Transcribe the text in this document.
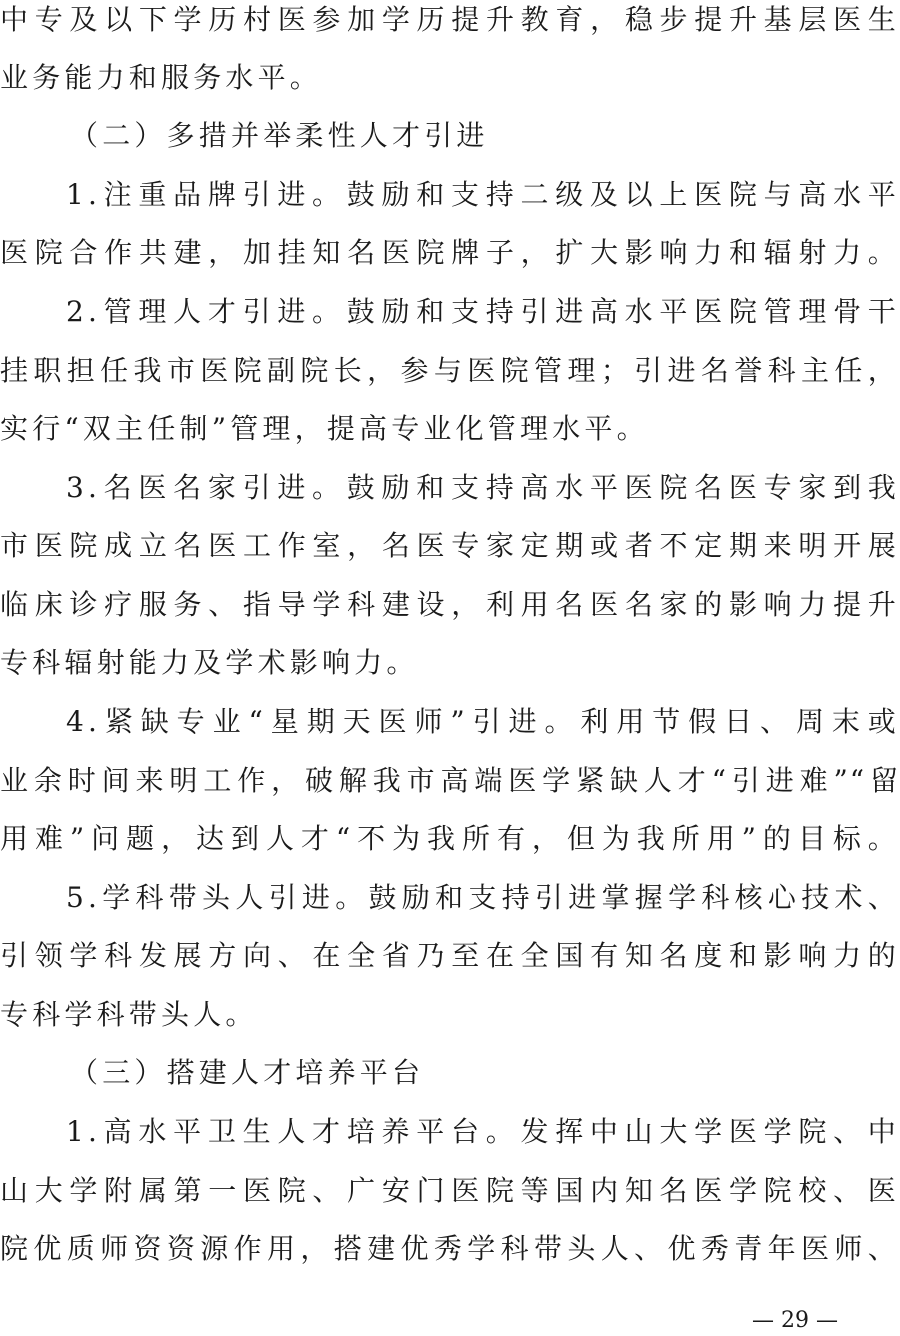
中专及以下学历村医参加学历提升教育，稳步提升基层医生
业务能力和服务水平。
（二）多措并举柔性人才引进
1.注重品牌引进。鼓励和支持二级及以上医院与高水平
医院合作共建，加挂知名医院牌子，扩大影响力和辐射力。
2.管理人才引进。鼓励和支持引进高水平医院管理骨干
挂职担任我市医院副院长，参与医院管理；引进名誉科主任，
实行“双主任制”管理，提高专业化管理水平。
3.名医名家引进。鼓励和支持高水平医院名医专家到我
市医院成立名医工作室，名医专家定期或者不定期来明开展
临床诊疗服务、指导学科建设，利用名医名家的影响力提升
专科辐射能力及学术影响力。
4.紧缺专业“星期天医师”引进。利用节假日、周末或
业余时间来明工作，破解我市高端医学紧缺人才“引进难”“留
用难”问题，达到人才“不为我所有，但为我所用”的目标。
5.学科带头人引进。鼓励和支持引进掌握学科核心技术、
引领学科发展方向、在全省乃至在全国有知名度和影响力的
专科学科带头人。
（三）搭建人才培养平台
1.高水平卫生人才培养平台。发挥中山大学医学院、中
山大学附属第一医院、广安门医院等国内知名医学院校、医
院优质师资资源作用，搭建优秀学科带头人、优秀青年医师、
— 29 —
